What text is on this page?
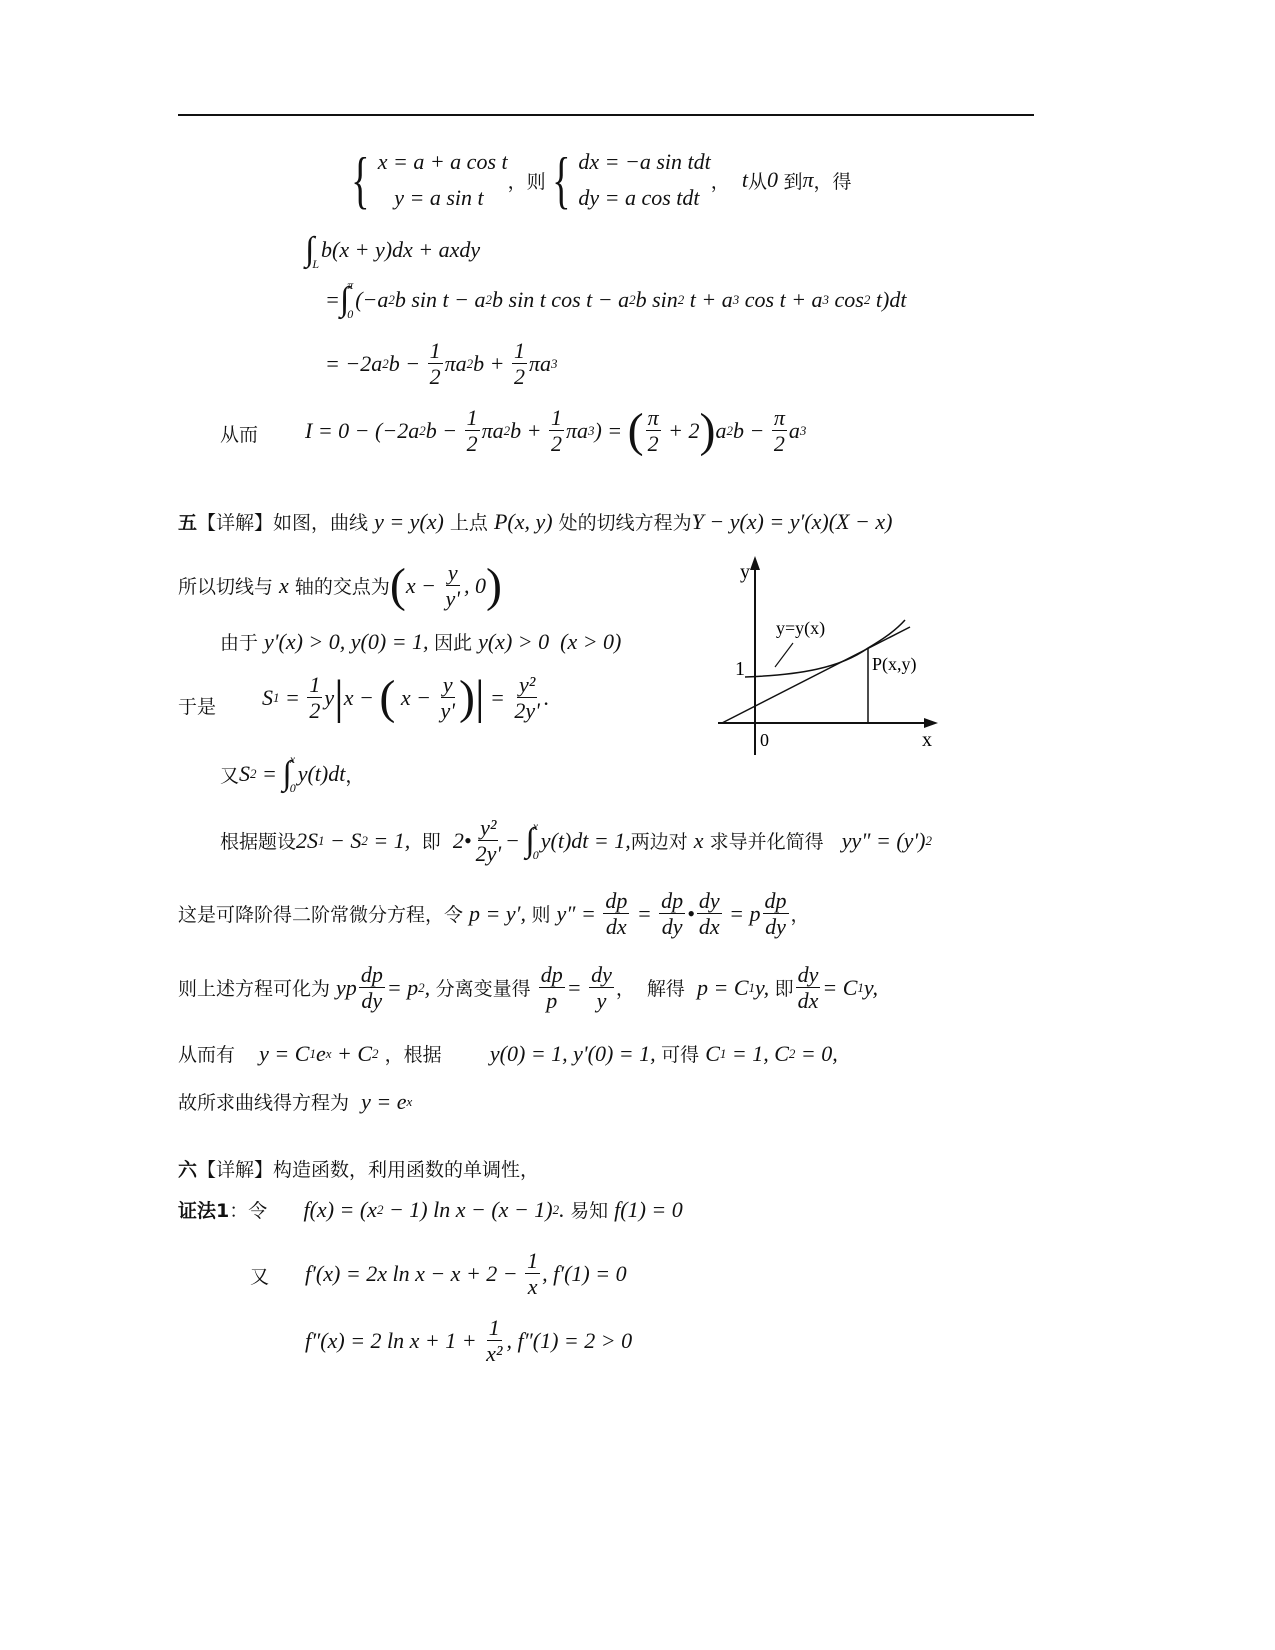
从而
于是
又
{ x = a + a cos t
y = a sin t
，则 { dx = −a sin tdt
dy = a cos tdt
， t 从 0 到 π ，得
∫
L
b(x + y)dx + axdy
= ∫
π
0
(−a 2 b sin t − a 2 b sin t cos t − a 2 b sin 2 t + a 3 cos t + a 3 cos 2 t)dt
= −2a 2 $b - \frac{1}{2}$ πa 2 $b + \frac{1}{2}$ πa 3
I = 0 − (−2a 2 $b - \frac{1}{2}$ πa 2 $b + \frac{1}{2}$ πa 3 ) = ( $\frac{\pi}{2} + 2$ ) a 2 $b - \frac{\pi}{2}$ a 3
五 【详解】如图，曲线 y = y(x) 上点 P(x, y) 处的切线方程为 Y − y(x) = y′(x)(X − x)
所以切线与 x 轴的交点为 ( $x - \frac{y}{y'}$ , 0 )
由于 y'(x) > 0, y(0) = 1, 因此 y(x) > 0  (x > 0)
S $1 = \frac{1}{2}$ y | x − ( $x - \frac{y}{y'}$ ) | = $\frac{\text{y²}}{2y'}$ .
又 S 2 = ∫
x
0
y(t)dt ，
根据题设 2S 1 − S 2 = 1, 即 2• $\frac{\text{y²}}{2y'}$ − ∫
x
0
y(t)dt = 1, 两边对 x 求导并化简得 yy" = (y') 2
这是可降阶得二阶常微分方程，令 p = y′, 则 $y'' = \frac{dp}{dx} = \frac{dp}{dy}$ • $\frac{dy}{dx} = p \frac{dp}{dy}$ ，
则上述方程可化为 yp $\frac{dp}{dy} = p$ 2 , 分离变量得 $\frac{dp}{p} = \frac{dy}{y}$ ，  解得 p = C 1 y, 即 $\frac{dy}{dx} = C$ 1 y,
从而有 y = C 1 e x + C 2 ，根据 y(0) = 1, y'(0) = 1, 可得 C 1 = 1, C 2 = 0,
故所求曲线得方程为 y = e x
六 【详解】构造函数，利用函数的单调性，
证法1 ：令 f(x) = (x 2 − 1) ln x − (x − 1) 2 . 易知 f(1) = 0
f′(x) = 2x $\ln x - x + 2 - \frac{1}{x}$ , f′(1) = 0
f″(x) = 2 $\ln x + 1 + \frac{1}{\text{x²}}$ , f″(1) = 2 > 0
y
x
0
1
y=y(x)
P(x,y)
